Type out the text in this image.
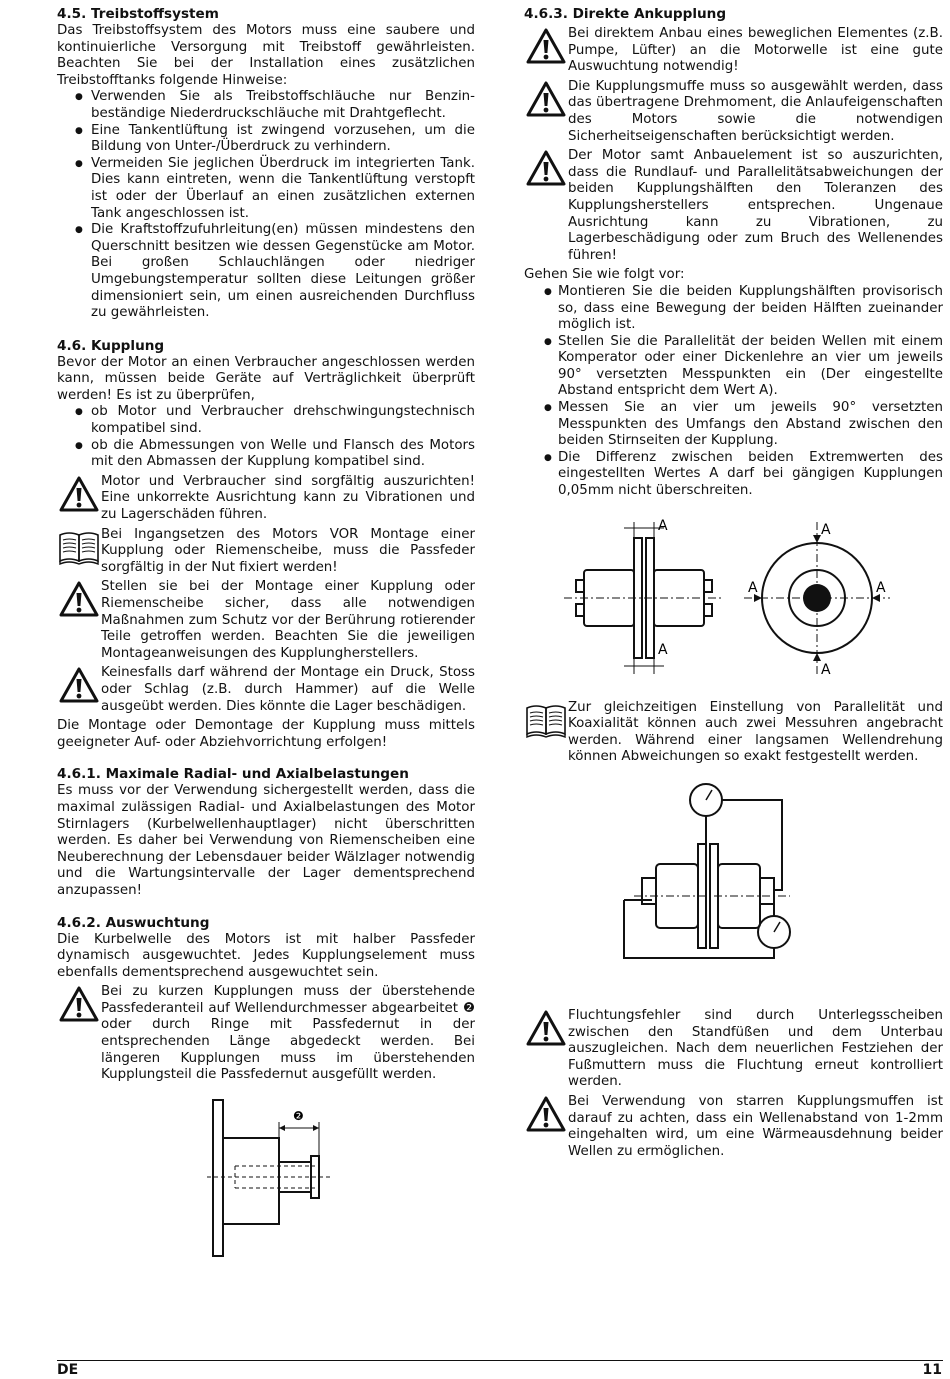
4.5. Treibstoffsystem

Das Treibstoffsystem des Motors muss eine saubere und kontinuierliche Versorgung mit Treibstoff gewährleisten. Beachten Sie bei der Installation eines zusätzlichen Treibstofftanks folgende Hinweise:

● Verwenden Sie als Treibstoffschläuche nur Benzin-beständige Niederdruckschläuche mit Drahtgeflecht.
● Eine Tankentlüftung ist zwingend vorzusehen, um die Bildung von Unter-/Überdruck zu verhindern.
● Vermeiden Sie jeglichen Überdruck im integrierten Tank. Dies kann eintreten, wenn die Tankentlüftung verstopft ist oder der Überlauf an einen zusätzlichen externen Tank angeschlossen ist.
● Die Kraftstoffzufuhrleitung(en) müssen mindestens den Querschnitt besitzen wie dessen Gegenstücke am Motor. Bei großen Schlauchlängen oder niedriger Umgebungstemperatur sollten diese Leitungen größer dimensioniert sein, um einen ausreichenden Durchfluss zu gewährleisten.
4.6. Kupplung

Bevor der Motor an einen Verbraucher angeschlossen werden kann, müssen beide Geräte auf Verträglichkeit überprüft werden! Es ist zu überprüfen,

● ob Motor und Verbraucher drehschwingungstechnisch kompatibel sind.
● ob die Abmessungen von Welle und Flansch des Motors mit den Abmassen der Kupplung kompatibel sind.
Motor und Verbraucher sind sorgfältig auszurichten! Eine unkorrekte Ausrichtung kann zu Vibrationen und zu Lagerschäden führen.
Bei Ingangsetzen des Motors VOR Montage einer Kupplung oder Riemenscheibe, muss die Passfeder sorgfältig in der Nut fixiert werden!
Stellen sie bei der Montage einer Kupplung oder Riemenscheibe sicher, dass alle notwendigen Maßnahmen zum Schutz vor der Berührung rotierender Teile getroffen werden. Beachten Sie die jeweiligen Montageanweisungen des Kupplungherstellers.
Keinesfalls darf während der Montage ein Druck, Stoss oder Schlag (z.B. durch Hammer) auf die Welle ausgeübt werden. Dies könnte die Lager beschädigen.

Die Montage oder Demontage der Kupplung muss mittels geeigneter Auf- oder Abziehvorrichtung erfolgen!

4.6.1. Maximale Radial- und Axialbelastungen

Es muss vor der Verwendung sichergestellt werden, dass die maximal zulässigen Radial- und Axialbelastungen des Motor Stirnlagers (Kurbelwellenhauptlager) nicht überschritten werden. Es daher bei Verwendung von Riemenscheiben eine Neuberechnung der Lebensdauer beider Wälzlager notwendig und die Wartungsintervalle der Lager dementsprechend anzupassen!

4.6.2. Auswuchtung

Die Kurbelwelle des Motors ist mit halber Passfeder dynamisch ausgewuchtet. Jedes Kupplungselement muss ebenfalls dementsprechend ausgewuchtet sein.

Bei zu kurzen Kupplungen muss der überstehende Passfederanteil auf Wellendurchmesser abgearbeitet ❷ oder durch Ringe mit Passfedernut in der entsprechenden Länge abgedeckt werden. Bei längeren Kupplungen muss im überstehenden Kupplungsteil die Passfedernut ausgefüllt werden.
❷
4.6.3. Direkte Ankupplung
Bei direktem Anbau eines beweglichen Elementes (z.B. Pumpe, Lüfter) an die Motorwelle ist eine gute Auswuchtung notwendig!
Die Kupplungsmuffe muss so ausgewählt werden, dass das übertragene Drehmoment, die Anlaufeigenschaften des Motors sowie die notwendigen Sicherheitseigenschaften berücksichtigt werden.
Der Motor samt Anbauelement ist so auszurichten, dass die Rundlauf- und Parallelitätsabweichungen der beiden Kupplungshälften den Toleranzen des Kupplungsherstellers entsprechen. Ungenaue Ausrichtung kann zu Vibrationen, zu Lagerbeschädigung oder zum Bruch des Wellenendes führen!

Gehen Sie wie folgt vor:

● Montieren Sie die beiden Kupplungshälften provisorisch so, dass eine Bewegung der beiden Hälften zueinander möglich ist.
● Stellen Sie die Parallelität der beiden Wellen mit einem Komperator oder einer Dickenlehre an vier um jeweils 90° versetzten Messpunkten ein (Der eingestellte Abstand entspricht dem Wert A).
● Messen Sie an vier um jeweils 90° versetzten Messpunkten des Umfangs den Abstand zwischen den beiden Stirnseiten der Kupplung.
● Die Differenz zwischen beiden Extremwerten des eingestellten Wertes A darf bei gängigen Kupplungen 0,05mm nicht überschreiten.
A
A
A
A
A	A
Zur gleichzeitigen Einstellung von Parallelität und Koaxialität können auch zwei Messuhren angebracht werden. Während einer langsamen Wellendrehung können Abweichungen so exakt festgestellt werden.
Fluchtungsfehler sind durch Unterlegsscheiben zwischen den Standfüßen und dem Unterbau auszugleichen. Nach dem neuerlichen Festziehen der Fußmuttern muss die Fluchtung erneut kontrolliert werden.
Bei Verwendung von starren Kupplungsmuffen ist darauf zu achten, dass ein Wellenabstand von 1-2mm eingehalten wird, um eine Wärmeausdehnung beider Wellen zu ermöglichen.
DE	11
